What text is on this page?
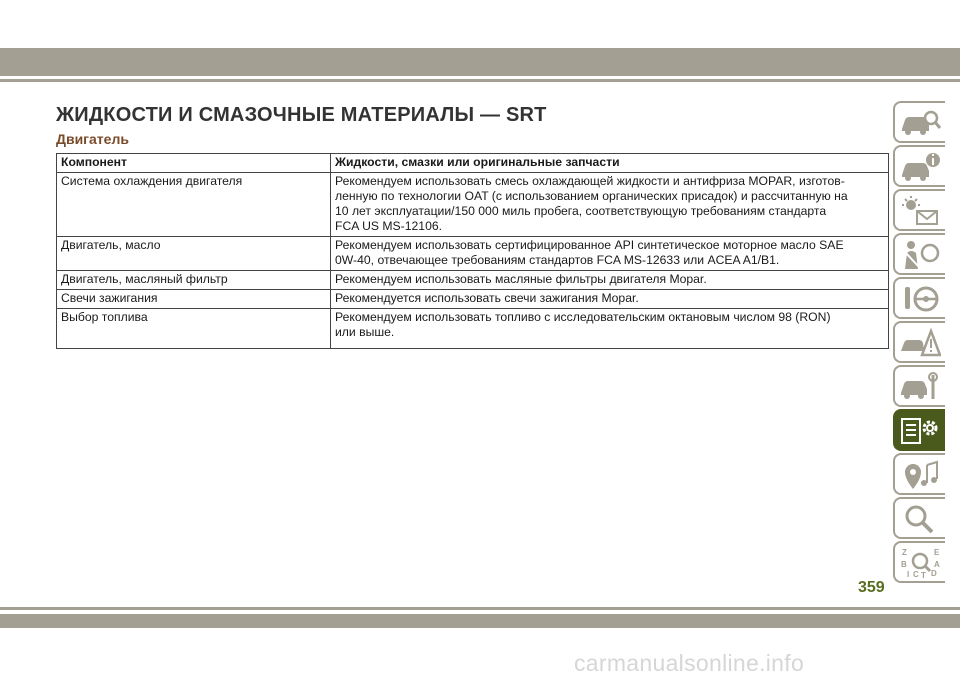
ЖИДКОСТИ И СМАЗОЧНЫЕ МАТЕРИАЛЫ — SRT
Двигатель
Компонент	Жидкости, смазки или оригинальные запчасти
Система охлаждения двигателя	Рекомендуем использовать смесь охлаждающей жидкости и антифриза MOPAR, изготов-
ленную по технологии OAT (с использованием органических присадок) и рассчитанную на
10 лет эксплуатации/150 000 миль пробега, соответствующую требованиям стандарта
FCA US MS-12106.

Двигатель, масло	Рекомендуем использовать сертифицированное API синтетическое моторное масло SAE
0W-40, отвечающее требованиям стандартов FCA MS-12633 или ACEA A1/B1.

Двигатель, масляный фильтр	Рекомендуем использовать масляные фильтры двигателя Mopar.

Свечи зажигания	Рекомендуется использовать свечи зажигания Mopar.

Выбор топлива	Рекомендуем использовать топливо с исследовательским октановым числом 98 (RON)
или выше.
Z	E
B	A
I C T D
359
carmanualsonline.info
